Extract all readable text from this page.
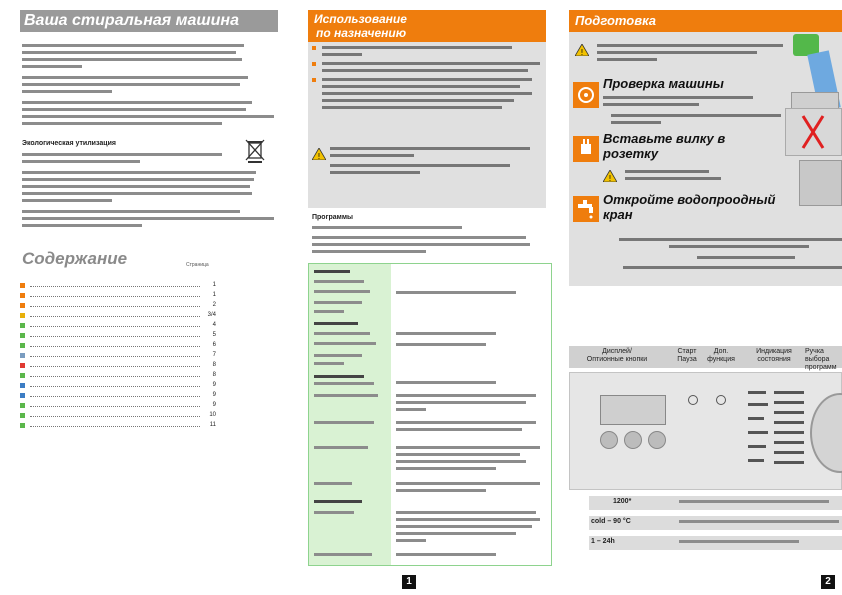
Ваша стиральная машина
Экологическая утилизация
Содержание	Страница
1
1
2
3/4
4
5
6
7
8
8
9
9
9
10
11
Использование
по назначению
!
Программы
1
Подготовка
!
Проверка машины
Вставьте вилку в
розетку
!
Откройте водопроодный
кран
Дисплей/
Оптионные кнопки
Старт
Пауза
Доп.
функция
Индикация
состояния
Ручка выбора
программ
1200*
cold – 90 °C
1 – 24h
2
